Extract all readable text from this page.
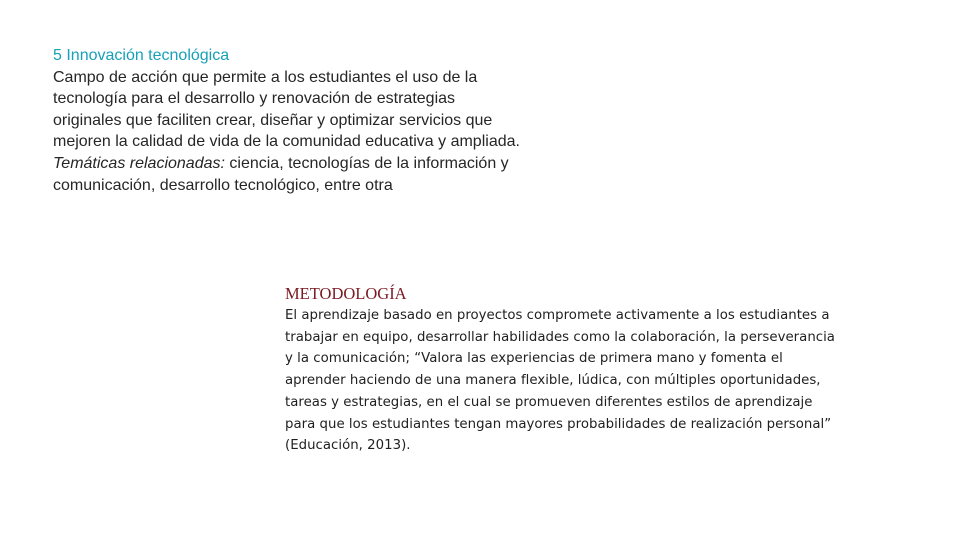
5 Innovación tecnológica

Campo de acción que permite a los estudiantes el uso de la tecnología para el desarrollo y renovación de estrategias originales que faciliten crear, diseñar y optimizar servicios que mejoren la calidad de vida de la comunidad educativa y ampliada. Temáticas relacionadas: ciencia, tecnologías de la información y comunicación, desarrollo tecnológico, entre otra

METODOLOGÍA

El aprendizaje basado en proyectos compromete activamente a los estudiantes a trabajar en equipo, desarrollar habilidades como la colaboración, la perseverancia y la comunicación; “Valora las experiencias de primera mano y fomenta el aprender haciendo de una manera flexible, lúdica, con múltiples oportunidades, tareas y estrategias, en el cual se promueven diferentes estilos de aprendizaje para que los estudiantes tengan mayores probabilidades de realización personal” (Educación, 2013).
